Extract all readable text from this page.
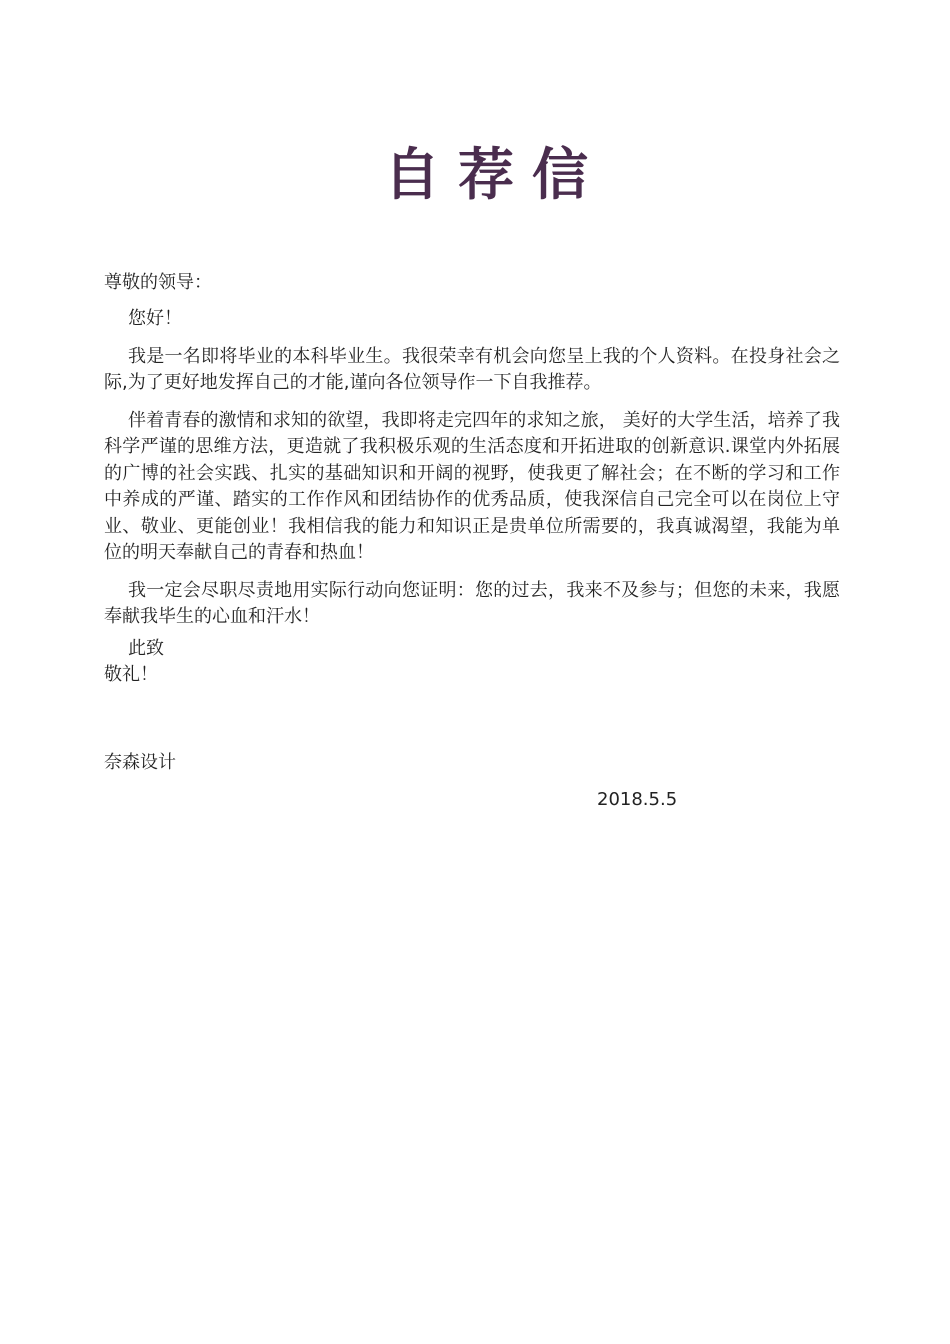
自荐信
尊敬的领导：

您好！

我是一名即将毕业的本科毕业生。我很荣幸有机会向您呈上我的个人资料。在投身社会之际,为了更好地发挥自己的才能,谨向各位领导作一下自我推荐。

伴着青春的激情和求知的欲望，我即将走完四年的求知之旅， 美好的大学生活，培养了我科学严谨的思维方法，更造就了我积极乐观的生活态度和开拓进取的创新意识.课堂内外拓展的广博的社会实践、扎实的基础知识和开阔的视野，使我更了解社会；在不断的学习和工作中养成的严谨、踏实的工作作风和团结协作的优秀品质，使我深信自己完全可以在岗位上守业、敬业、更能创业！我相信我的能力和知识正是贵单位所需要的，我真诚渴望，我能为单位的明天奉献自己的青春和热血！

我一定会尽职尽责地用实际行动向您证明：您的过去，我来不及参与；但您的未来，我愿奉献我毕生的心血和汗水！

此致
敬礼！
奈森设计
2018.5.5
